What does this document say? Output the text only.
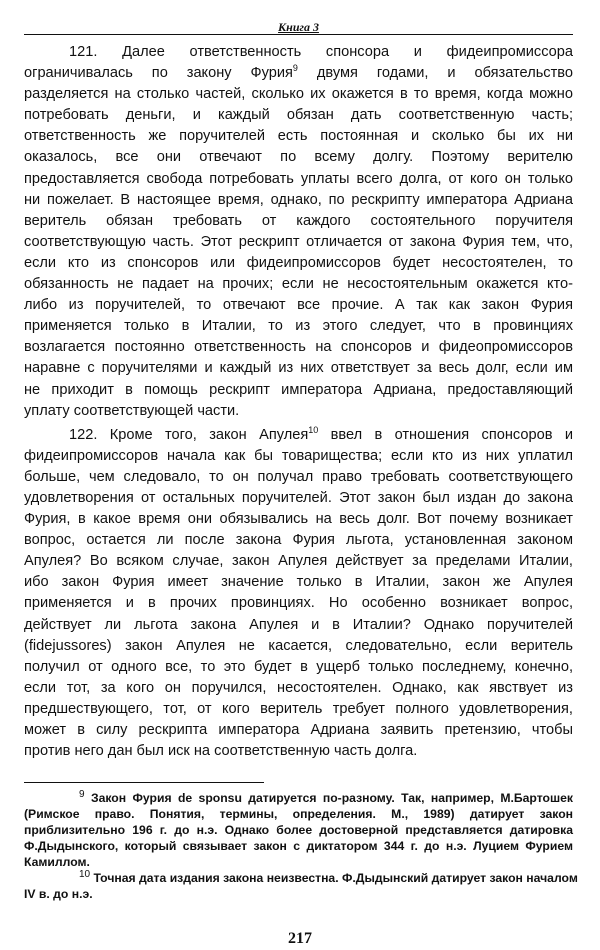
$_{Книга 3}$
121. Далее ответственность спонсора и фидеипромиссора
ограничивалась по закону Фурия$^9$ двумя годами, и обязательство
разделяется на столько частей, сколько их окажется в то время, когда можно
потребовать деньги, и каждый обязан дать соответственную часть;
ответственность же поручителей есть постоянная и сколько бы их ни
оказалось, все они отвечают по всему долгу. Поэтому верителю
предоставляется свобода потребовать уплаты всего долга, от кого он только
ни пожелает. В настоящее время, однако, по рескрипту императора Адриана
веритель обязан требовать от каждого состоятельного поручителя
соответствующую часть. Этот рескрипт отличается от закона Фурия тем, что,
если кто из спонсоров или фидеипромиссоров будет несостоятелен, то
обязанность не падает на прочих; если не несостоятельным окажется кто-
либо из поручителей, то отвечают все прочие. А так как закон Фурия
применяется только в Италии, то из этого следует, что в провинциях
возлагается постоянно ответственность на спонсоров и фидеопромиссоров
наравне с поручителями и каждый из них ответствует за весь долг, если им
не приходит в помощь рескрипт императора Адриана, предоставляющий
уплату соответствующей части.
122. Кроме того, закон Апулея$^{10}$ ввел в отношения спонсоров и
фидеипромиссоров начала как бы товарищества; если кто из них уплатил
больше, чем следовало, то он получал право требовать соответствующего
удовлетворения от остальных поручителей. Этот закон был издан до закона
Фурия, в какое время они обязывались на весь долг. Вот почему возникает
вопрос, остается ли после закона Фурия льгота, установленная законом
Апулея? Во всяком случае, закон Апулея действует за пределами Италии,
ибо закон Фурия имеет значение только в Италии, закон же Апулея
применяется и в прочих провинциях. Но особенно возникает вопрос,
действует ли льгота закона Апулея и в Италии? Однако поручителей
(fidejussores) закон Апулея не касается, следовательно, если веритель
получил от одного все, то это будет в ущерб только последнему, конечно,
если тот, за кого он поручился, несостоятелен. Однако, как явствует из
предшествующего, тот, от кого веритель требует полного удовлетворения,
может в силу рескрипта императора Адриана заявить претензию, чтобы
против него дан был иск на соответственную часть долга.
$^9$ Закон Фурия de sponsu датируется по-разному. Так, например, М.Бартошек
(Римское право. Понятия, термины, определения. М., 1989) датирует закон
приблизительно 196 г. до н.э. Однако более достоверной представляется датировка
Ф.Дыдынского, который связывает закон с диктатором 344 г. до н.э. Луцием Фурием
Камиллом.
$^{10}$ Точная дата издания закона неизвестна. Ф.Дыдынский датирует закон началом
IV в. до н.э.
217
